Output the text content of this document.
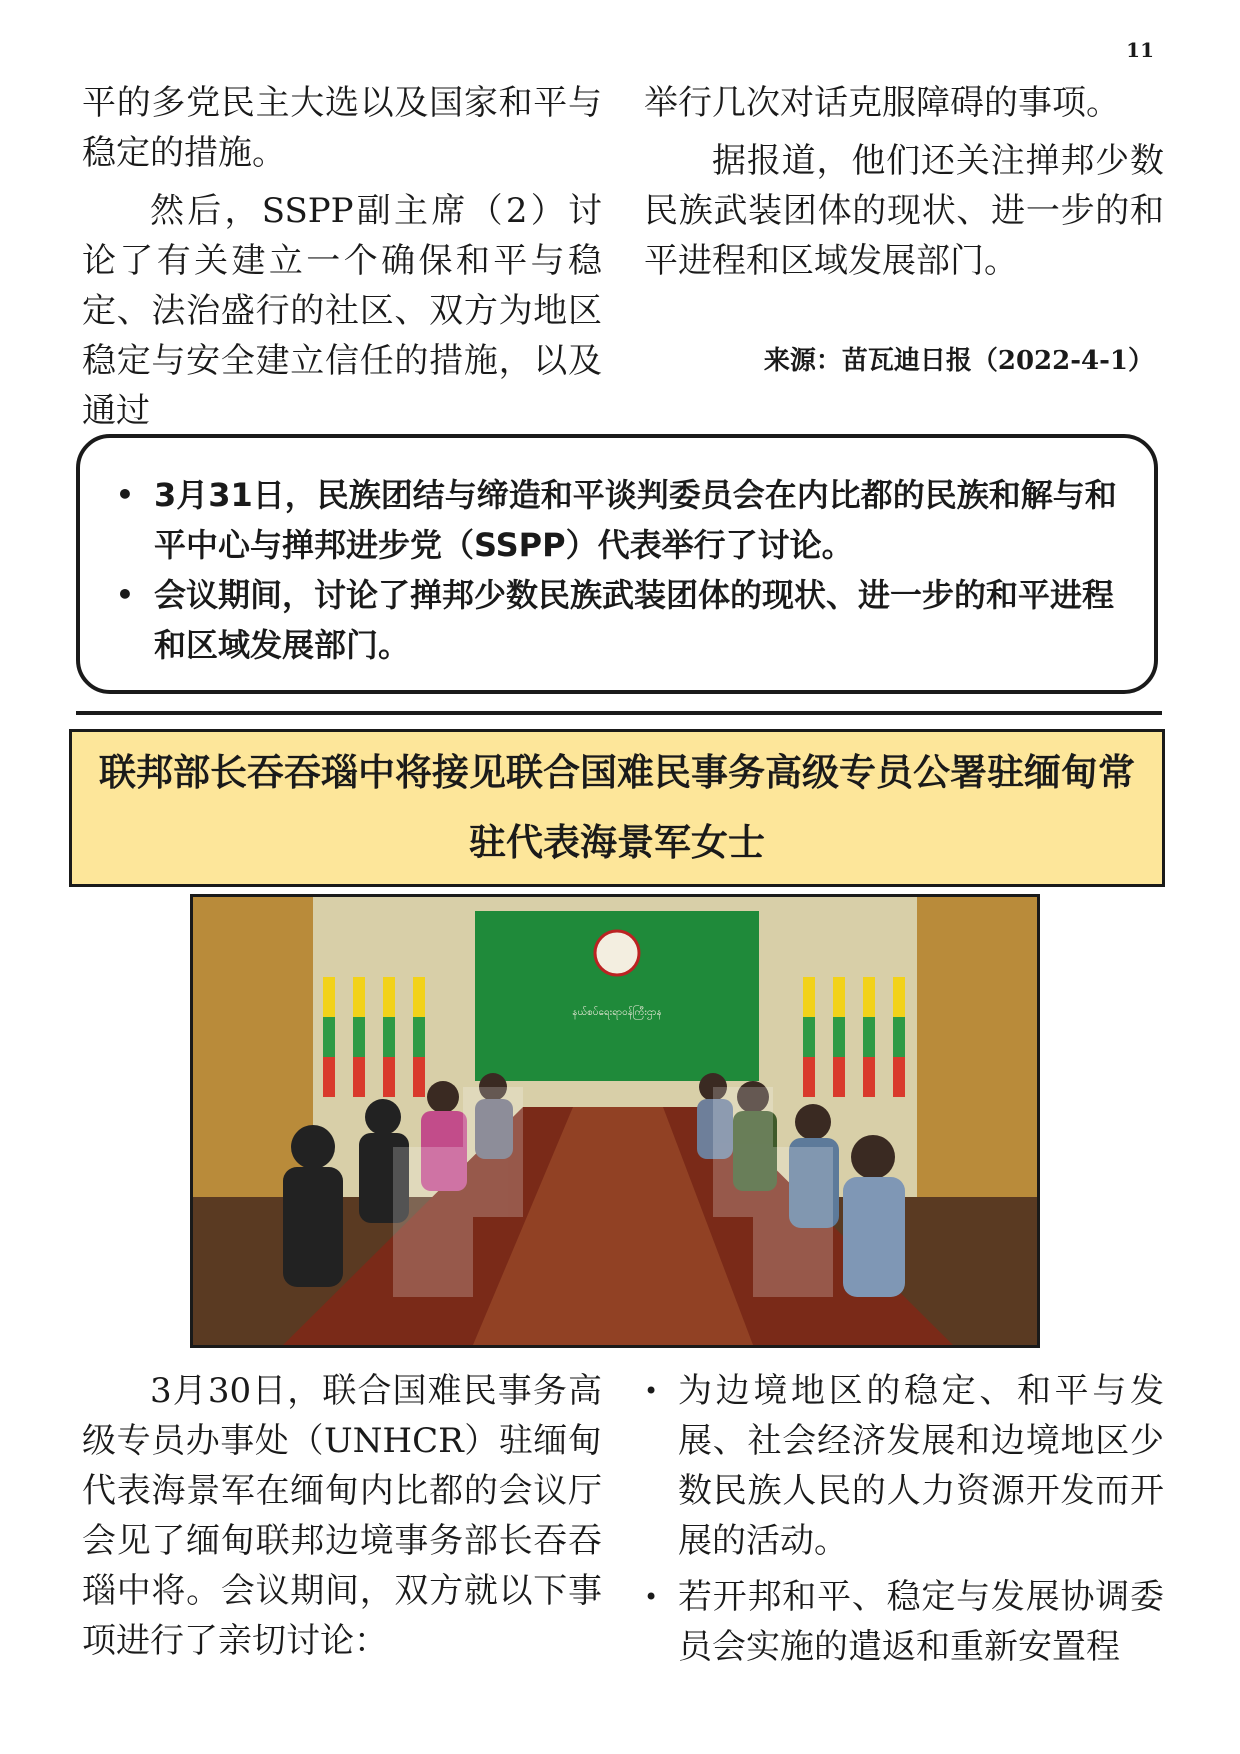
11

平的多党民主大选以及国家和平与稳定的措施。

然后，SSPP副主席（2）讨论了有关建立一个确保和平与稳定、法治盛行的社区、双方为地区稳定与安全建立信任的措施，以及通过

举行几次对话克服障碍的事项。

据报道，他们还关注掸邦少数民族武装团体的现状、进一步的和平进程和区域发展部门。

来源：苗瓦迪日报（2022-4-1）
• 3月31日，民族团结与缔造和平谈判委员会在内比都的民族和解与和平中心与掸邦进步党（SSPP）代表举行了讨论。
• 会议期间，讨论了掸邦少数民族武装团体的现状、进一步的和平进程和区域发展部门。
联邦部长吞吞瑙中将接见联合国难民事务高级专员公署驻缅甸常驻代表海景军女士
နယ်စပ်ရေးရာဝန်ကြီးဌာန

3月30日，联合国难民事务高级专员办事处（UNHCR）驻缅甸代表海景军在缅甸内比都的会议厅会见了缅甸联邦边境事务部长吞吞瑙中将。会议期间，双方就以下事项进行了亲切讨论：

• 为边境地区的稳定、和平与发展、社会经济发展和边境地区少数民族人民的人力资源开发而开展的活动。
• 若开邦和平、稳定与发展协调委员会实施的遣返和重新安置程
